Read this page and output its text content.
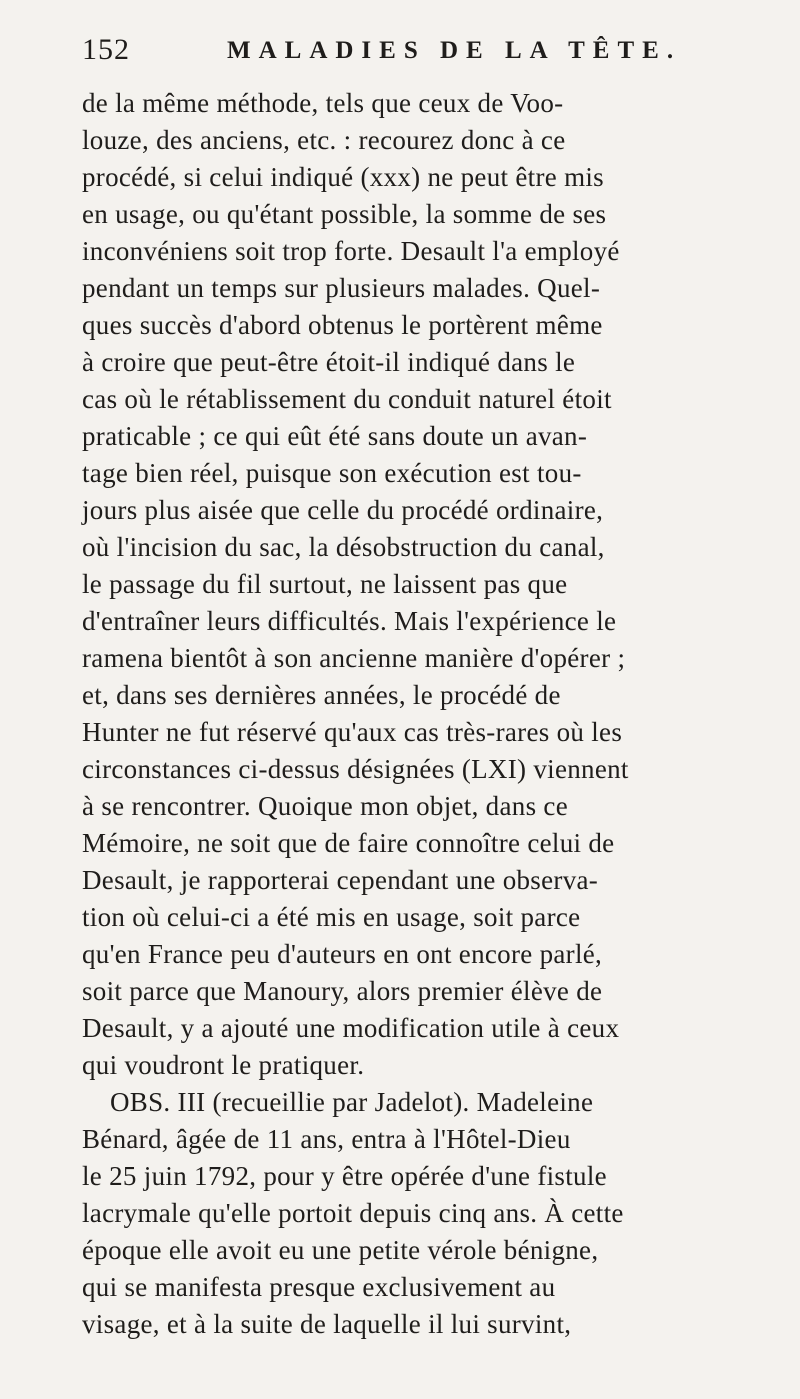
152	MALADIES DE LA TÊTE.
de la même méthode, tels que ceux de Voo-
louze, des anciens, etc. : recourez donc à ce
procédé, si celui indiqué (xxx) ne peut être mis
en usage, ou qu'étant possible, la somme de ses
inconvéniens soit trop forte. Desault l'a employé
pendant un temps sur plusieurs malades. Quel-
ques succès d'abord obtenus le portèrent même
à croire que peut-être étoit-il indiqué dans le
cas où le rétablissement du conduit naturel étoit
praticable ; ce qui eût été sans doute un avan-
tage bien réel, puisque son exécution est tou-
jours plus aisée que celle du procédé ordinaire,
où l'incision du sac, la désobstruction du canal,
le passage du fil surtout, ne laissent pas que
d'entraîner leurs difficultés. Mais l'expérience le
ramena bientôt à son ancienne manière d'opérer ;
et, dans ses dernières années, le procédé de
Hunter ne fut réservé qu'aux cas très-rares où les
circonstances ci-dessus désignées (LXI) viennent
à se rencontrer. Quoique mon objet, dans ce
Mémoire, ne soit que de faire connoître celui de
Desault, je rapporterai cependant une observa-
tion où celui-ci a été mis en usage, soit parce
qu'en France peu d'auteurs en ont encore parlé,
soit parce que Manoury, alors premier élève de
Desault, y a ajouté une modification utile à ceux
qui voudront le pratiquer.
OBS. III (recueillie par Jadelot). Madeleine
Bénard, âgée de 11 ans, entra à l'Hôtel-Dieu
le 25 juin 1792, pour y être opérée d'une fistule
lacrymale qu'elle portoit depuis cinq ans. À cette
époque elle avoit eu une petite vérole bénigne,
qui se manifesta presque exclusivement au
visage, et à la suite de laquelle il lui survint,
